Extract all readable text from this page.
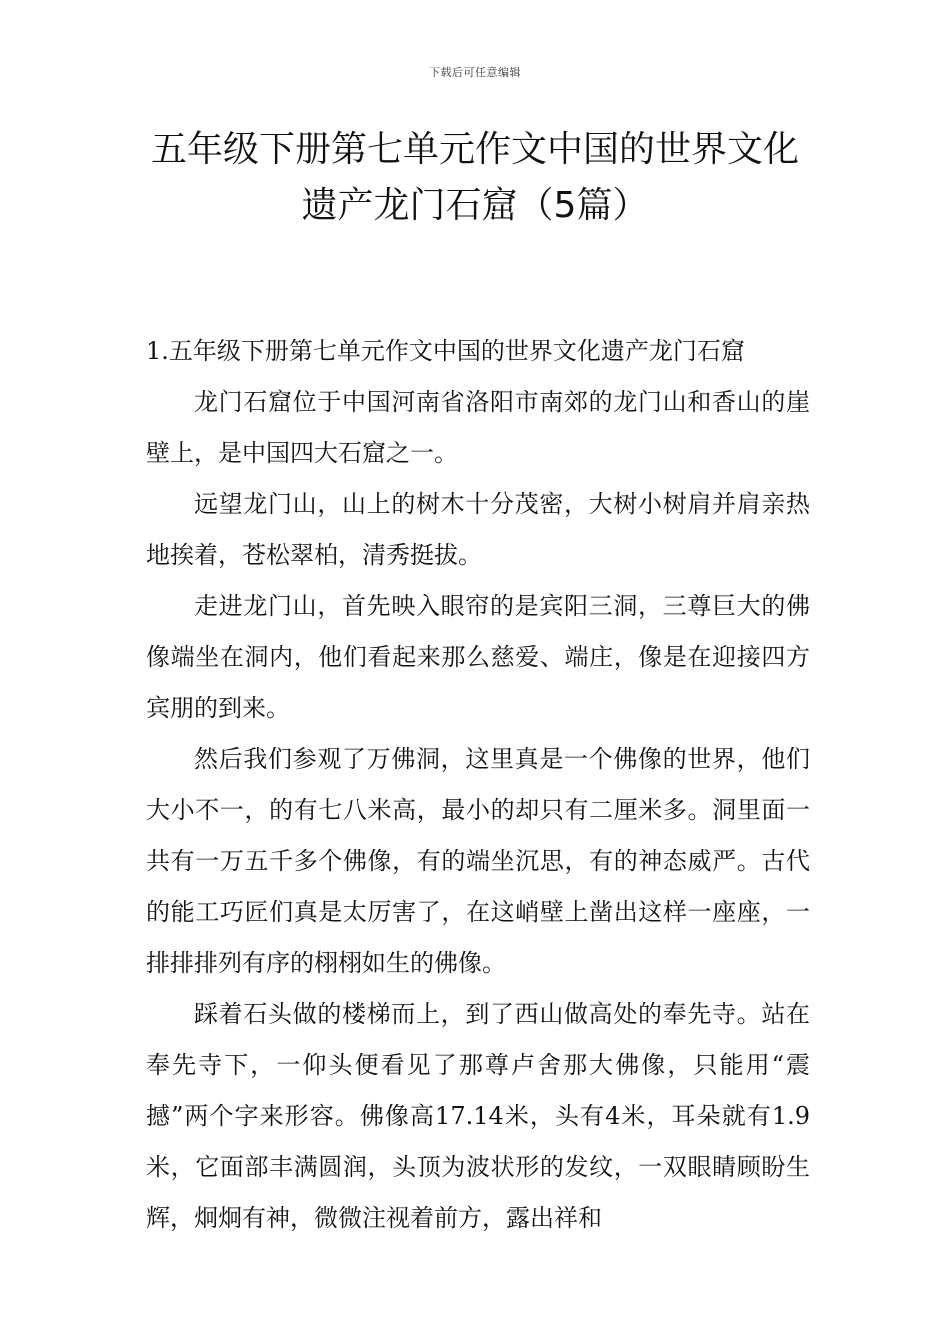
下载后可任意编辑
五年级下册第七单元作文中国的世界文化
遗产龙门石窟（5篇）

1.五年级下册第七单元作文中国的世界文化遗产龙门石窟

龙门石窟位于中国河南省洛阳市南郊的龙门山和香山的崖壁上，是中国四大石窟之一。

远望龙门山，山上的树木十分茂密，大树小树肩并肩亲热地挨着，苍松翠柏，清秀挺拔。

走进龙门山，首先映入眼帘的是宾阳三洞，三尊巨大的佛像端坐在洞内，他们看起来那么慈爱、端庄，像是在迎接四方宾朋的到来。

然后我们参观了万佛洞，这里真是一个佛像的世界，他们大小不一，的有七八米高，最小的却只有二厘米多。洞里面一共有一万五千多个佛像，有的端坐沉思，有的神态威严。古代的能工巧匠们真是太厉害了，在这峭壁上凿出这样一座座，一排排排列有序的栩栩如生的佛像。

踩着石头做的楼梯而上，到了西山做高处的奉先寺。站在奉先寺下，一仰头便看见了那尊卢舍那大佛像，只能用“震撼”两个字来形容。佛像高17.14米，头有4米，耳朵就有1.9米，它面部丰满圆润，头顶为波状形的发纹，一双眼睛顾盼生辉，炯炯有神，微微注视着前方，露出祥和
